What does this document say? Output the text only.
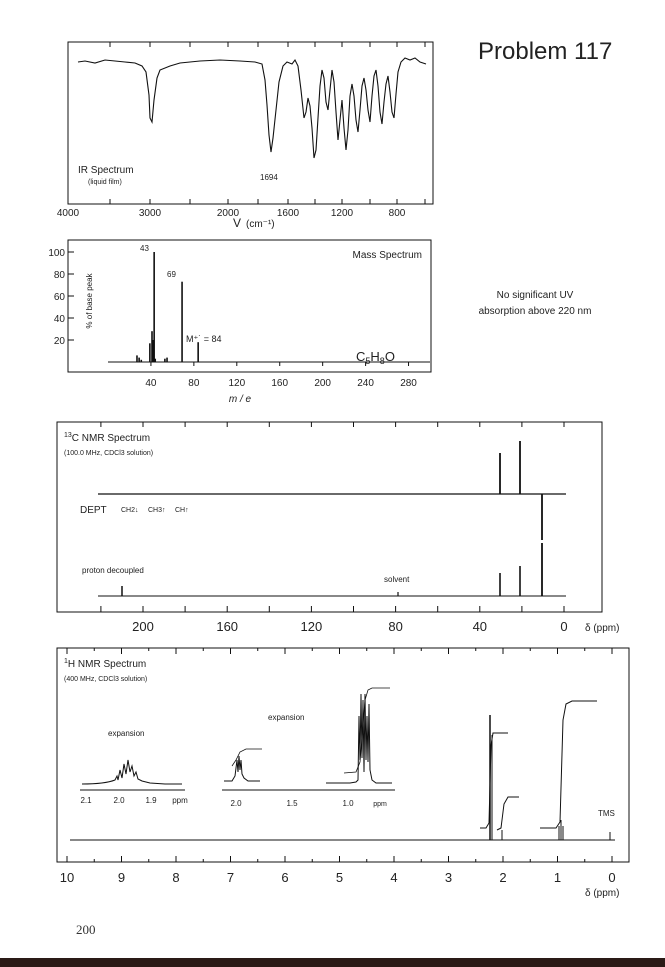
Problem 117
No significant UV
absorption above 220 nm
IR Spectrum
(liquid film)
1694
4000	3000	2000	1600	1200	800
V (cm⁻¹)
Mass Spectrum
43
69
M⁺˙ = 84
$C_5H_8O$
% of base peak
m / e
40	80	120	160	200	240	280
20
40
60
80
100
$^{13}$C NMR Spectrum
(100.0 MHz, CDCl3 solution)
DEPT CH2↓ CH3↑ CH↑
proton decoupled
solvent
200	160	120	80	40	0 δ (ppm)
$^1$H NMR Spectrum
(400 MHz, CDCl3 solution)
expansion
expansion
2.1	2.0	1.9 ppm	2.0	1.5	1.0	ppm
TMS
10	9	8	7	6	5	4	3	2	1	0
δ (ppm)
200
